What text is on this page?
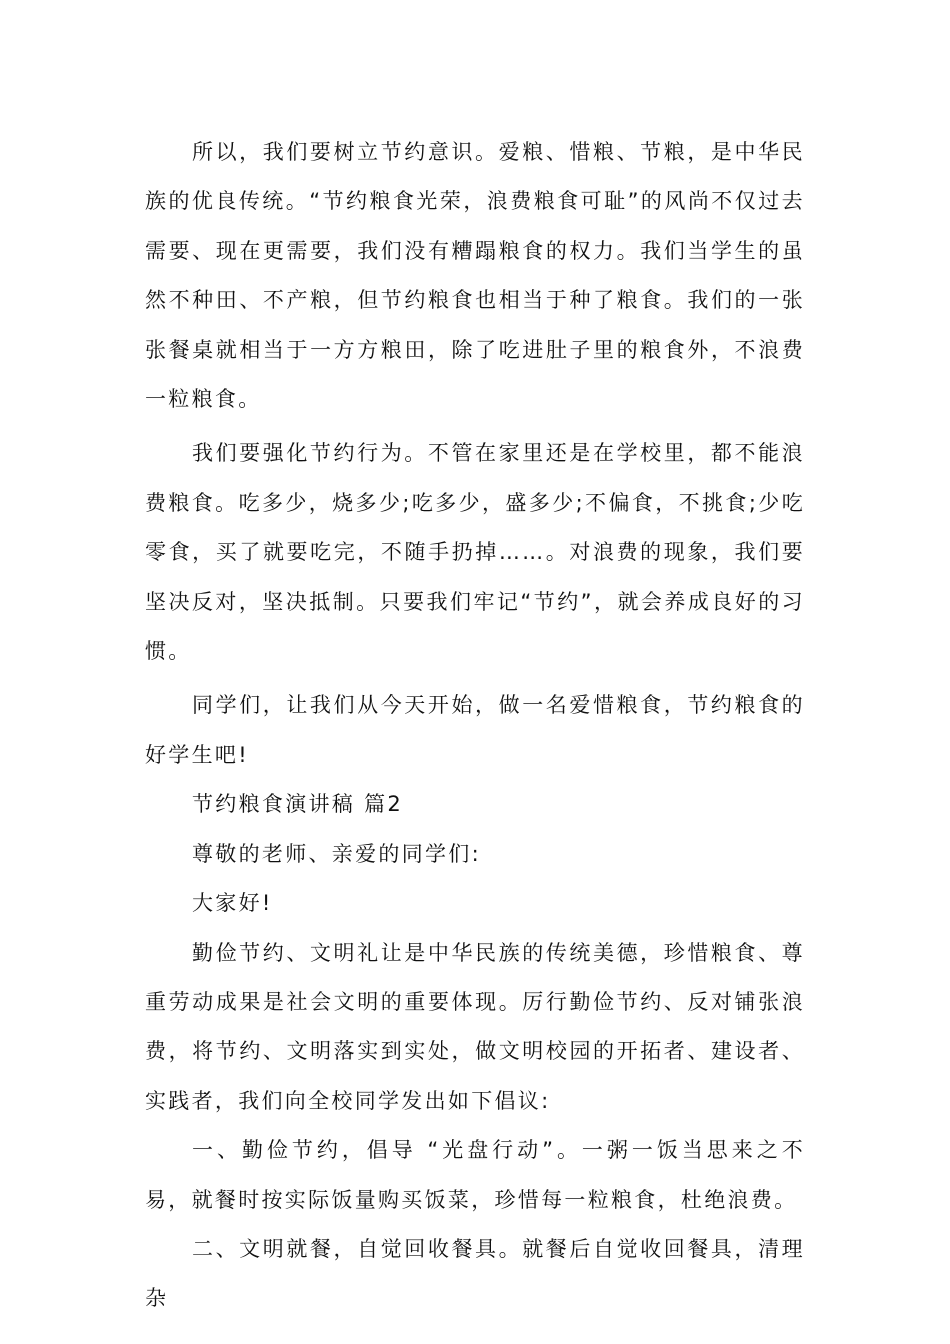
所以，我们要树立节约意识。爱粮、惜粮、节粮，是中华民族的优良传统。“节约粮食光荣，浪费粮食可耻”的风尚不仅过去需要、现在更需要，我们没有糟蹋粮食的权力。我们当学生的虽然不种田、不产粮，但节约粮食也相当于种了粮食。我们的一张张餐桌就相当于一方方粮田，除了吃进肚子里的粮食外，不浪费一粒粮食。

我们要强化节约行为。不管在家里还是在学校里，都不能浪费粮食。吃多少，烧多少;吃多少，盛多少;不偏食，不挑食;少吃零食，买了就要吃完，不随手扔掉……。对浪费的现象，我们要坚决反对，坚决抵制。只要我们牢记“节约”，就会养成良好的习惯。

同学们，让我们从今天开始，做一名爱惜粮食，节约粮食的好学生吧!

节约粮食演讲稿 篇2

尊敬的老师、亲爱的同学们:

大家好!

勤俭节约、文明礼让是中华民族的传统美德，珍惜粮食、尊重劳动成果是社会文明的重要体现。厉行勤俭节约、反对铺张浪费，将节约、文明落实到实处，做文明校园的开拓者、建设者、实践者，我们向全校同学发出如下倡议:

一、勤俭节约，倡导 “光盘行动”。一粥一饭当思来之不易，就餐时按实际饭量购买饭菜，珍惜每一粒粮食，杜绝浪费。

二、文明就餐，自觉回收餐具。就餐后自觉收回餐具，清理杂
